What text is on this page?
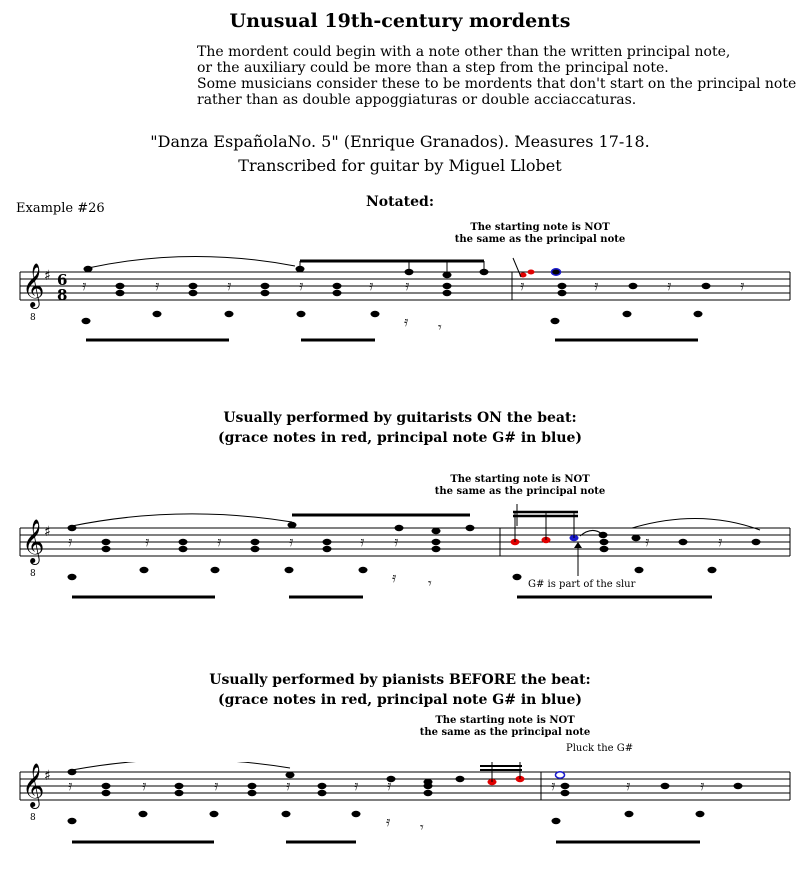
Unusual 19th-century mordents
The mordent could begin with a note other than the written principal note,
or the auxiliary could be more than a step from the principal note.
Some musicians consider these to be mordents that don't start on the principal note
rather than as double appoggiaturas or double acciaccaturas.
"Danza EspañolaNo. 5" (Enrique Granados). Measures 17-18.
Transcribed for guitar by Miguel Llobet
Example #26	Notated:
The starting note is NOT
the same as the principal note
Usually performed by guitarists ON the beat:
(grace notes in red, principal note G# in blue)
The starting note is NOT
the same as the principal note
G# is part of the slur
Usually performed by pianists BEFORE the beat:
(grace notes in red, principal note G# in blue)
The starting note is NOT
the same as the principal note
Pluck the G#
𝄞
8
♯ 6
8 𝄿	𝄿	𝄿	𝄿	𝄿 𝄿	𝄿	𝄿	𝄿	𝄿
𝄿 𝄾
𝄞
8
♯
𝄿	𝄿	𝄿	𝄿	𝄿 𝄿	𝄿	𝄿
𝄿 𝄾
𝄞
8
♯
𝄿	𝄿	𝄿	𝄿	𝄿 𝄿	𝄿	𝄿	𝄿
𝄿 𝄾
